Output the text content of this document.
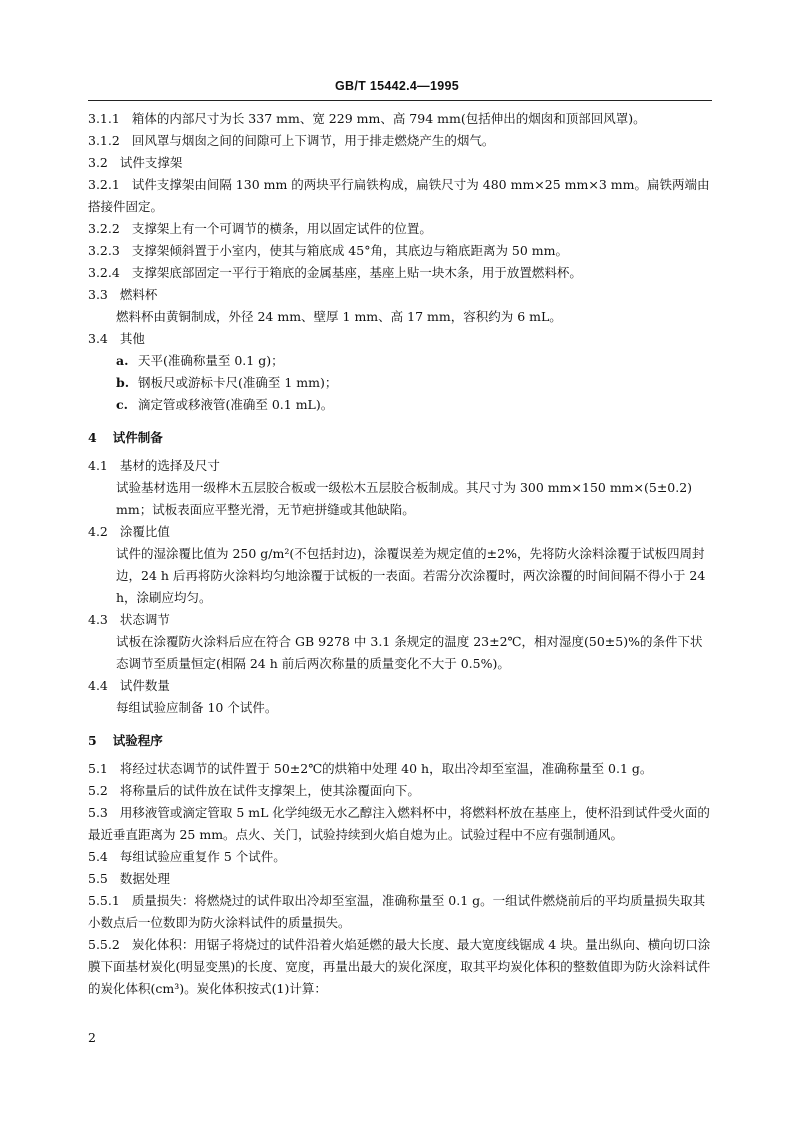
GB/T 15442.4—1995

3.1.1 箱体的内部尺寸为长 337 mm、宽 229 mm、高 794 mm(包括伸出的烟囱和顶部回风罩)。

3.1.2 回风罩与烟囱之间的间隙可上下调节，用于排走燃烧产生的烟气。

3.2 试件支撑架

3.2.1 试件支撑架由间隔 130 mm 的两块平行扁铁构成，扁铁尺寸为 480 mm×25 mm×3 mm。扁铁两端由搭接件固定。

3.2.2 支撑架上有一个可调节的横条，用以固定试件的位置。

3.2.3 支撑架倾斜置于小室内，使其与箱底成 45°角，其底边与箱底距离为 50 mm。

3.2.4 支撑架底部固定一平行于箱底的金属基座，基座上贴一块木条，用于放置燃料杯。

3.3 燃料杯

燃料杯由黄铜制成，外径 24 mm、壁厚 1 mm、高 17 mm，容积约为 6 mL。

3.4 其他

a. 天平(准确称量至 0.1 g)；

b. 钢板尺或游标卡尺(准确至 1 mm)；

c. 滴定管或移液管(准确至 0.1 mL)。

4 试件制备

4.1 基材的选择及尺寸

试验基材选用一级桦木五层胶合板或一级松木五层胶合板制成。其尺寸为 300 mm×150 mm×(5±0.2) mm；试板表面应平整光滑，无节疤拼缝或其他缺陷。

4.2 涂覆比值

试件的湿涂覆比值为 250 g/m²(不包括封边)，涂覆误差为规定值的±2%，先将防火涂料涂覆于试板四周封边，24 h 后再将防火涂料均匀地涂覆于试板的一表面。若需分次涂覆时，两次涂覆的时间间隔不得小于 24 h，涂刷应均匀。

4.3 状态调节

试板在涂覆防火涂料后应在符合 GB 9278 中 3.1 条规定的温度 23±2℃，相对湿度(50±5)%的条件下状态调节至质量恒定(相隔 24 h 前后两次称量的质量变化不大于 0.5%)。

4.4 试件数量

每组试验应制备 10 个试件。

5 试验程序

5.1 将经过状态调节的试件置于 50±2℃的烘箱中处理 40 h，取出冷却至室温，准确称量至 0.1 g。

5.2 将称量后的试件放在试件支撑架上，使其涂覆面向下。

5.3 用移液管或滴定管取 5 mL 化学纯级无水乙醇注入燃料杯中，将燃料杯放在基座上，使杯沿到试件受火面的最近垂直距离为 25 mm。点火、关门，试验持续到火焰自熄为止。试验过程中不应有强制通风。

5.4 每组试验应重复作 5 个试件。

5.5 数据处理

5.5.1 质量损失：将燃烧过的试件取出冷却至室温，准确称量至 0.1 g。一组试件燃烧前后的平均质量损失取其小数点后一位数即为防火涂料试件的质量损失。

5.5.2 炭化体积：用锯子将烧过的试件沿着火焰延燃的最大长度、最大宽度线锯成 4 块。量出纵向、横向切口涂膜下面基材炭化(明显变黑)的长度、宽度，再量出最大的炭化深度，取其平均炭化体积的整数值即为防火涂料试件的炭化体积(cm³)。炭化体积按式(1)计算：

2
